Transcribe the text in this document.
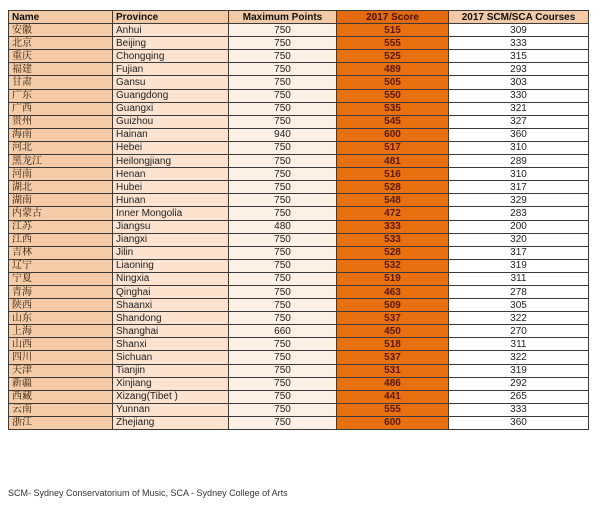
Name	Province	Maximum Points	2017 Score	2017 SCM/SCA Courses
安徽	Anhui	750	515	309
北京	Beijing	750	555	333
重庆	Chongqing	750	525	315
福建	Fujian	750	489	293
甘肃	Gansu	750	505	303
广东	Guangdong	750	550	330
广西	Guangxi	750	535	321
贵州	Guizhou	750	545	327
海南	Hainan	940	600	360
河北	Hebei	750	517	310
黑龙江	Heilongjiang	750	481	289
河南	Henan	750	516	310
湖北	Hubei	750	528	317
湖南	Hunan	750	548	329
内蒙古	Inner Mongolia	750	472	283
江苏	Jiangsu	480	333	200
江西	Jiangxi	750	533	320
吉林	Jilin	750	528	317
辽宁	Liaoning	750	532	319
宁夏	Ningxia	750	519	311
青海	Qinghai	750	463	278
陕西	Shaanxi	750	509	305
山东	Shandong	750	537	322
上海	Shanghai	660	450	270
山西	Shanxi	750	518	311
四川	Sichuan	750	537	322
天津	Tianjin	750	531	319
新疆	Xinjiang	750	486	292
西藏	Xizang(Tibet )	750	441	265
云南	Yunnan	750	555	333
浙江	Zhejiang	750	600	360
SCM- Sydney Conservatorium of Music, SCA - Sydney College of Arts
